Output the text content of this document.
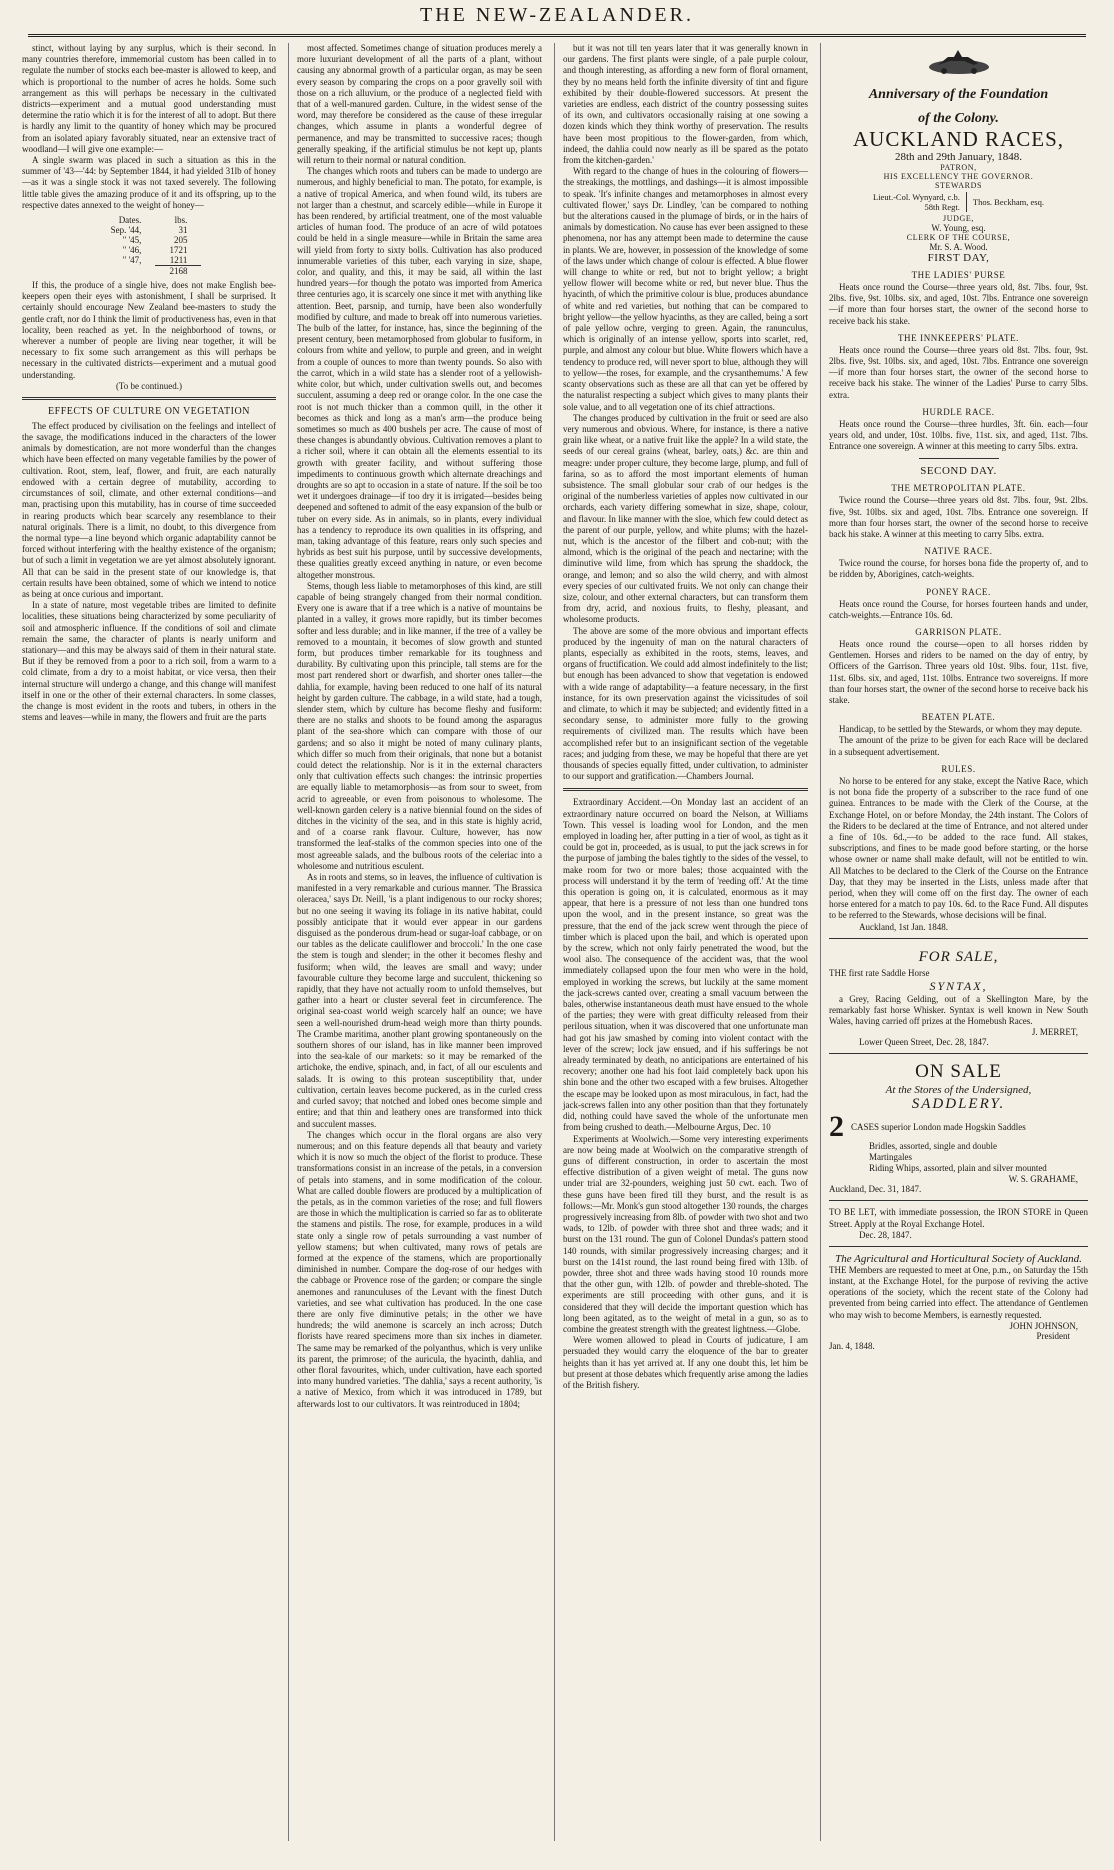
THE NEW-ZEALANDER.

stinct, without laying by any surplus, which is their second. In many countries therefore, immemorial custom has been called in to regulate the number of stocks each bee-master is allowed to keep, and which is proportional to the number of acres he holds. Some such arrangement as this will perhaps be necessary in the cultivated districts—experiment and a mutual good understanding must determine the ratio which it is for the interest of all to adopt. But there is hardly any limit to the quantity of honey which may be procured from an isolated apiary favorably situated, near an extensive tract of woodland—I will give one example:—

A single swarm was placed in such a situation as this in the summer of '43—'44: by September 1844, it had yielded 31lb of honey—as it was a single stock it was not taxed severely. The following little table gives the amazing produce of it and its offspring, up to the respective dates annexed to the weight of honey—

Dates.	lbs.
Sep. '44,	31
" '45,	205
" '46,	1721
" '47,	1211
	2168

If this, the produce of a single hive, does not make English bee-keepers open their eyes with astonishment, I shall be surprised. It certainly should encourage New Zealand bee-masters to study the gentle craft, nor do I think the limit of productiveness has, even in that locality, been reached as yet. In the neighborhood of towns, or wherever a number of people are living near together, it will be necessary to fix some such arrangement as this will perhaps be necessary in the cultivated districts—experiment and a mutual good understanding.

(To be continued.)
EFFECTS OF CULTURE ON VEGETATION

The effect produced by civilisation on the feelings and intellect of the savage, the modifications induced in the characters of the lower animals by domestication, are not more wonderful than the changes which have been effected on many vegetable families by the power of cultivation. Root, stem, leaf, flower, and fruit, are each naturally endowed with a certain degree of mutability, according to circumstances of soil, climate, and other external conditions—and man, practising upon this mutability, has in course of time succeeded in rearing products which bear scarcely any resemblance to their natural originals. There is a limit, no doubt, to this divergence from the normal type—a line beyond which organic adaptability cannot be forced without interfering with the healthy existence of the organism; but of such a limit in vegetation we are yet almost absolutely ignorant. All that can be said in the present state of our knowledge is, that certain results have been obtained, some of which we intend to notice as being at once curious and important.

In a state of nature, most vegetable tribes are limited to definite localities, these situations being characterized by some peculiarity of soil and atmospheric influence. If the conditions of soil and climate remain the same, the character of plants is nearly uniform and stationary—and this may be always said of them in their natural state. But if they be removed from a poor to a rich soil, from a warm to a cold climate, from a dry to a moist habitat, or vice versa, then their internal structure will undergo a change, and this change will manifest itself in one or the other of their external characters. In some classes, the change is most evident in the roots and tubers, in others in the stems and leaves—while in many, the flowers and fruit are the parts

most affected. Sometimes change of situation produces merely a more luxuriant development of all the parts of a plant, without causing any abnormal growth of a particular organ, as may be seen every season by comparing the crops on a poor gravelly soil with those on a rich alluvium, or the produce of a neglected field with that of a well-manured garden. Culture, in the widest sense of the word, may therefore be considered as the cause of these irregular changes, which assume in plants a wonderful degree of permanence, and may be transmitted to successive races; though generally speaking, if the artificial stimulus be not kept up, plants will return to their normal or natural condition.

The changes which roots and tubers can be made to undergo are numerous, and highly beneficial to man. The potato, for example, is a native of tropical America, and when found wild, its tubers are not larger than a chestnut, and scarcely edible—while in Europe it has been rendered, by artificial treatment, one of the most valuable articles of human food. The produce of an acre of wild potatoes could be held in a single measure—while in Britain the same area will yield from forty to sixty bolls. Cultivation has also produced innumerable varieties of this tuber, each varying in size, shape, color, and quality, and this, it may be said, all within the last hundred years—for though the potato was imported from America three centuries ago, it is scarcely one since it met with anything like attention. Beet, parsnip, and turnip, have been also wonderfully modified by culture, and made to break off into numerous varieties. The bulb of the latter, for instance, has, since the beginning of the present century, been metamorphosed from globular to fusiform, in colours from white and yellow, to purple and green, and in weight from a couple of ounces to more than twenty pounds. So also with the carrot, which in a wild state has a slender root of a yellowish-white color, but which, under cultivation swells out, and becomes succulent, assuming a deep red or orange color. In the one case the root is not much thicker than a common quill, in the other it becomes as thick and long as a man's arm—the produce being sometimes so much as 400 bushels per acre. The cause of most of these changes is abundantly obvious. Cultivation removes a plant to a richer soil, where it can obtain all the elements essential to its growth with greater facility, and without suffering those impediments to continuous growth which alternate dreachings and droughts are so apt to occasion in a state of nature. If the soil be too wet it undergoes drainage—if too dry it is irrigated—besides being deepened and softened to admit of the easy expansion of the bulb or tuber on every side. As in animals, so in plants, every individual has a tendency to reproduce its own qualities in its offspring, and man, taking advantage of this feature, rears only such species and hybrids as best suit his purpose, until by successive developments, these qualities greatly exceed anything in nature, or even become altogether monstrous.

Stems, though less liable to metamorphoses of this kind, are still capable of being strangely changed from their normal condition. Every one is aware that if a tree which is a native of mountains be planted in a valley, it grows more rapidly, but its timber becomes softer and less durable; and in like manner, if the tree of a valley be removed to a mountain, it becomes of slow growth and stunted form, but produces timber remarkable for its toughness and durability. By cultivating upon this principle, tall stems are for the most part rendered short or dwarfish, and shorter ones taller—the dahlia, for example, having been reduced to one half of its natural height by garden culture. The cabbage, in a wild state, had a tough, slender stem, which by culture has become fleshy and fusiform: there are no stalks and shoots to be found among the asparagus plant of the sea-shore which can compare with those of our gardens; and so also it might be noted of many culinary plants, which differ so much from their originals, that none but a botanist could detect the relationship. Nor is it in the external characters only that cultivation effects such changes: the intrinsic properties are equally liable to metamorphosis—as from sour to sweet, from acrid to agreeable, or even from poisonous to wholesome. The well-known garden celery is a native biennial found on the sides of ditches in the vicinity of the sea, and in this state is highly acrid, and of a coarse rank flavour. Culture, however, has now transformed the leaf-stalks of the common species into one of the most agreeable salads, and the bulbous roots of the celeriac into a wholesome and nutritious esculent.

As in roots and stems, so in leaves, the influence of cultivation is manifested in a very remarkable and curious manner. 'The Brassica oleracea,' says Dr. Neill, 'is a plant indigenous to our rocky shores; but no one seeing it waving its foliage in its native habitat, could possibly anticipate that it would ever appear in our gardens disguised as the ponderous drum-head or sugar-loaf cabbage, or on our tables as the delicate cauliflower and broccoli.' In the one case the stem is tough and slender; in the other it becomes fleshy and fusiform; when wild, the leaves are small and wavy; under favourable culture they become large and succulent, thickening so rapidly, that they have not actually room to unfold themselves, but gather into a heart or cluster several feet in circumference. The original sea-coast world weigh scarcely half an ounce; we have seen a well-nourished drum-head weigh more than thirty pounds. The Crambe maritima, another plant growing spontaneously on the southern shores of our island, has in like manner been improved into the sea-kale of our markets: so it may be remarked of the artichoke, the endive, spinach, and, in fact, of all our esculents and salads. It is owing to this protean susceptibility that, under cultivation, certain leaves become puckered, as in the curled cress and curled savoy; that notched and lobed ones become simple and entire; and that thin and leathery ones are transformed into thick and succulent masses.

The changes which occur in the floral organs are also very numerous; and on this feature depends all that beauty and variety which it is now so much the object of the florist to produce. These transformations consist in an increase of the petals, in a conversion of petals into stamens, and in some modification of the colour. What are called double flowers are produced by a multiplication of the petals, as in the common varieties of the rose; and full flowers are those in which the multiplication is carried so far as to obliterate the stamens and pistils. The rose, for example, produces in a wild state only a single row of petals surrounding a vast number of yellow stamens; but when cultivated, many rows of petals are formed at the expence of the stamens, which are proportionally diminished in number. Compare the dog-rose of our hedges with the cabbage or Provence rose of the garden; or compare the single anemones and ranunculuses of the Levant with the finest Dutch varieties, and see what cultivation has produced. In the one case there are only five diminutive petals; in the other we have hundreds; the wild anemone is scarcely an inch across; Dutch florists have reared specimens more than six inches in diameter. The same may be remarked of the polyanthus, which is very unlike its parent, the primrose; of the auricula, the hyacinth, dahlia, and other floral favourites, which, under cultivation, have each sported into many hundred varieties. 'The dahlia,' says a recent authority, 'is a native of Mexico, from which it was introduced in 1789, but afterwards lost to our cultivators. It was reintroduced in 1804;

but it was not till ten years later that it was generally known in our gardens. The first plants were single, of a pale purple colour, and though interesting, as affording a new form of floral ornament, they by no means held forth the infinite diversity of tint and figure exhibited by their double-flowered successors. At present the varieties are endless, each district of the country possessing suites of its own, and cultivators occasionally raising at one sowing a dozen kinds which they think worthy of preservation. The results have been most propitious to the flower-garden, from which, indeed, the dahlia could now nearly as ill be spared as the potato from the kitchen-garden.'

With regard to the change of hues in the colouring of flowers—the streakings, the mottlings, and dashings—it is almost impossible to speak. 'It's infinite changes and metamorphoses in almost every cultivated flower,' says Dr. Lindley, 'can be compared to nothing but the alterations caused in the plumage of birds, or in the hairs of animals by domestication. No cause has ever been assigned to these phenomena, nor has any attempt been made to determine the cause in plants. We are, however, in possession of the knowledge of some of the laws under which change of colour is effected. A blue flower will change to white or red, but not to bright yellow; a bright yellow flower will become white or red, but never blue. Thus the hyacinth, of which the primitive colour is blue, produces abundance of white and red varieties, but nothing that can be compared to bright yellow—the yellow hyacinths, as they are called, being a sort of pale yellow ochre, verging to green. Again, the ranunculus, which is originally of an intense yellow, sports into scarlet, red, purple, and almost any colour but blue. White flowers which have a tendency to produce red, will never sport to blue, although they will to yellow—the roses, for example, and the crysanthemums.' A few scanty observations such as these are all that can yet be offered by the naturalist respecting a subject which gives to many plants their sole value, and to all vegetation one of its chief attractions.

The changes produced by cultivation in the fruit or seed are also very numerous and obvious. Where, for instance, is there a native grain like wheat, or a native fruit like the apple? In a wild state, the seeds of our cereal grains (wheat, barley, oats,) &c. are thin and meagre: under proper culture, they become large, plump, and full of farina, so as to afford the most important elements of human subsistence. The small globular sour crab of our hedges is the original of the numberless varieties of apples now cultivated in our orchards, each variety differing somewhat in size, shape, colour, and flavour. In like manner with the sloe, which few could detect as the parent of our purple, yellow, and white plums; with the hazel-nut, which is the ancestor of the filbert and cob-nut; with the almond, which is the original of the peach and nectarine; with the diminutive wild lime, from which has sprung the shaddock, the orange, and lemon; and so also the wild cherry, and with almost every species of our cultivated fruits. We not only can change their size, colour, and other external characters, but can transform them from dry, acrid, and noxious fruits, to fleshy, pleasant, and wholesome products.

The above are some of the more obvious and important effects produced by the ingenuity of man on the natural characters of plants, especially as exhibited in the roots, stems, leaves, and organs of fructification. We could add almost indefinitely to the list; but enough has been advanced to show that vegetation is endowed with a wide range of adaptability—a feature necessary, in the first instance, for its own preservation against the vicissitudes of soil and climate, to which it may be subjected; and evidently fitted in a secondary sense, to administer more fully to the growing requirements of civilized man. The results which have been accomplished refer but to an insignificant section of the vegetable races; and judging from these, we may be hopeful that there are yet thousands of species equally fitted, under cultivation, to administer to our support and gratification.—Chambers Journal.

Extraordinary Accident.—On Monday last an accident of an extraordinary nature occurred on board the Nelson, at Williams Town. This vessel is loading wool for London, and the men employed in loading her, after putting in a tier of wool, as tight as it could be got in, proceeded, as is usual, to put the jack screws in for the purpose of jambing the bales tightly to the sides of the vessel, to make room for two or more bales; those acquainted with the process will understand it by the term of 'reeding off.' At the time this operation is going on, it is calculated, enormous as it may appear, that here is a pressure of not less than one hundred tons upon the wool, and in the present instance, so great was the pressure, that the end of the jack screw went through the piece of timber which is placed upon the bail, and which is operated upon by the screw, which not only fairly penetrated the wood, but the wool also. The consequence of the accident was, that the wool immediately collapsed upon the four men who were in the hold, employed in working the screws, but luckily at the same moment the jack-screws canted over, creating a small vacuum between the bales, otherwise instantaneous death must have ensued to the whole of the parties; they were with great difficulty released from their perilous situation, when it was discovered that one unfortunate man had got his jaw smashed by coming into violent contact with the lever of the screw; lock jaw ensued, and if his sufferings be not already terminated by death, no anticipations are entertained of his recovery; another one had his foot laid completely back upon his shin bone and the other two escaped with a few bruises. Altogether the escape may be looked upon as most miraculous, in fact, had the jack-screws fallen into any other position than that they fortunately did, nothing could have saved the whole of the unfortunate men from being crushed to death.—Melbourne Argus, Dec. 10

Experiments at Woolwich.—Some very interesting experiments are now being made at Woolwich on the comparative strength of guns of different construction, in order to ascertain the most effective distribution of a given weight of metal. The guns now under trial are 32-pounders, weighing just 50 cwt. each. Two of these guns have been fired till they burst, and the result is as follows:—Mr. Monk's gun stood altogether 130 rounds, the charges progressively increasing from 8lb. of powder with two shot and two wads, to 12lb. of powder with three shot and three wads; and it burst on the 131 round. The gun of Colonel Dundas's pattern stood 140 rounds, with similar progressively increasing charges; and it burst on the 141st round, the last round being fired with 13lb. of powder, three shot and three wads having stood 10 rounds more that the other gun, with 12lb. of powder and threble-shoted. The experiments are still proceeding with other guns, and it is considered that they will decide the important question which has long been agitated, as to the weight of metal in a gun, so as to combine the greatest strength with the greatest lightness.—Globe.

Were women allowed to plead in Courts of judicature, I am persuaded they would carry the eloquence of the bar to greater heights than it has yet arrived at. If any one doubt this, let him be but present at those debates which frequently arise among the ladies of the British fishery.

Anniversary of the Foundation
of the Colony.
AUCKLAND RACES,
28th and 29th January, 1848.
PATRON,
HIS EXCELLENCY THE GOVERNOR.
STEWARDS
Lieut.-Col. Wynyard, c.b.
58th Regt.	Thos. Beckham, esq.
JUDGE,
W. Young, esq.
CLERK OF THE COURSE,
Mr. S. A. Wood.
FIRST DAY,
THE LADIES' PURSE

Heats once round the Course—three years old, 8st. 7lbs. four, 9st. 2lbs. five, 9st. 10lbs. six, and aged, 10st. 7lbs. Entrance one sovereign—if more than four horses start, the owner of the second horse to receive back his stake.

THE INNKEEPERS' PLATE.

Heats once round the Course—three years old 8st. 7lbs. four, 9st. 2lbs. five, 9st. 10lbs. six, and aged, 10st. 7lbs. Entrance one sovereign—if more than four horses start, the owner of the second horse to receive back his stake. The winner of the Ladies' Purse to carry 5lbs. extra.

HURDLE RACE.

Heats once round the Course—three hurdles, 3ft. 6in. each—four years old, and under, 10st. 10lbs. five, 11st. six, and aged, 11st. 7lbs. Entrance one sovereign. A winner at this meeting to carry 5lbs. extra.

SECOND DAY.
THE METROPOLITAN PLATE.

Twice round the Course—three years old 8st. 7lbs. four, 9st. 2lbs. five, 9st. 10lbs. six and aged, 10st. 7lbs. Entrance one sovereign. If more than four horses start, the owner of the second horse to receive back his stake. A winner at this meeting to carry 5lbs. extra.

NATIVE RACE.

Twice round the course, for horses bona fide the property of, and to be ridden by, Aborigines, catch-weights.

PONEY RACE.

Heats once round the Course, for horses fourteen hands and under, catch-weights.—Entrance 10s. 6d.

GARRISON PLATE.

Heats once round the course—open to all horses ridden by Gentlemen. Horses and riders to be named on the day of entry, by Officers of the Garrison. Three years old 10st. 9lbs. four, 11st. five, 11st. 6lbs. six, and aged, 11st. 10lbs. Entrance two sovereigns. If more than four horses start, the owner of the second horse to receive back his stake.

BEATEN PLATE.

Handicap, to be settled by the Stewards, or whom they may depute.

The amount of the prize to be given for each Race will be declared in a subsequent advertisement.

RULES.

No horse to be entered for any stake, except the Native Race, which is not bona fide the property of a subscriber to the race fund of one guinea. Entrances to be made with the Clerk of the Course, at the Exchange Hotel, on or before Monday, the 24th instant. The Colors of the Riders to be declared at the time of Entrance, and not altered under a fine of 10s. 6d.,—to be added to the race fund. All stakes, subscriptions, and fines to be made good before starting, or the horse whose owner or name shall make default, will not be entitled to win. All Matches to be declared to the Clerk of the Course on the Entrance Day, that they may be inserted in the Lists, unless made after that period, when they will come off on the first day. The owner of each horse entered for a match to pay 10s. 6d. to the Race Fund. All disputes to be referred to the Stewards, whose decisions will be final.

Auckland, 1st Jan. 1848.
FOR SALE,

THE first rate Saddle Horse

SYNTAX,

a Grey, Racing Gelding, out of a Skellington Mare, by the remarkably fast horse Whisker. Syntax is well known in New South Wales, having carried off prizes at the Homebush Races.

J. MERRET,
Lower Queen Street, Dec. 28, 1847.
ON SALE
At the Stores of the Undersigned,
SADDLERY.
2 CASES superior London made Hogskin Saddles
Bridles, assorted, single and double
Martingales
Riding Whips, assorted, plain and silver mounted
W. S. GRAHAME,
Auckland, Dec. 31, 1847.

TO BE LET, with immediate possession, the IRON STORE in Queen Street. Apply at the Royal Exchange Hotel.

Dec. 28, 1847.
The Agricultural and Horticultural Society of Auckland.

THE Members are requested to meet at One, p.m., on Saturday the 15th instant, at the Exchange Hotel, for the purpose of reviving the active operations of the society, which the recent state of the Colony had prevented from being carried into effect. The attendance of Gentlemen who may wish to become Members, is earnestly requested.

JOHN JOHNSON,
President
Jan. 4, 1848.
